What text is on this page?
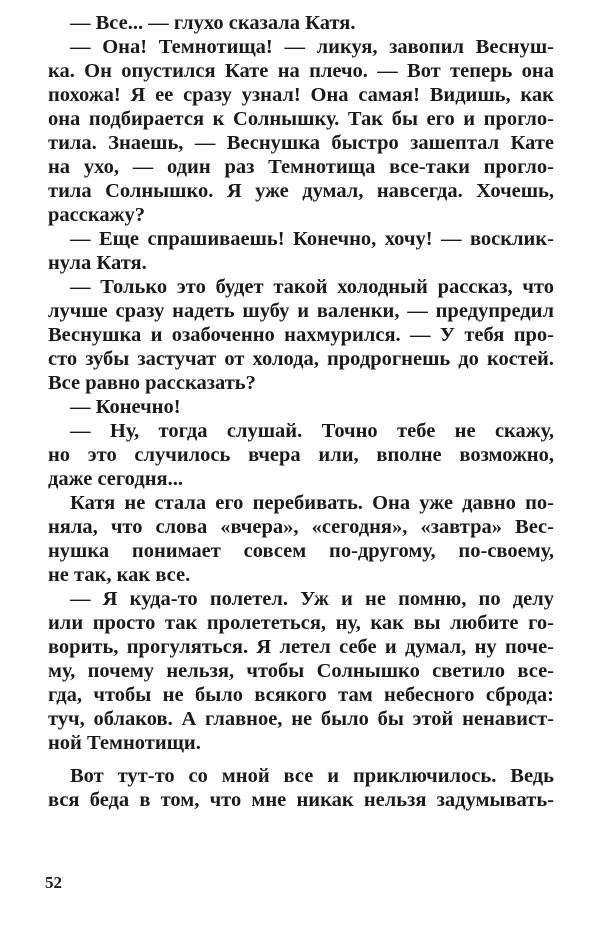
— Все... — глухо сказала Катя.
— Она! Темнотища! — ликуя, завопил Веснуш-
ка. Он опустился Кате на плечо. — Вот теперь она
похожа! Я ее сразу узнал! Она самая! Видишь, как
она подбирается к Солнышку. Так бы его и прогло-
тила. Знаешь, — Веснушка быстро зашептал Кате
на ухо, — один раз Темнотища все-таки прогло-
тила Солнышко. Я уже думал, навсегда. Хочешь,
расскажу?
— Еще спрашиваешь! Конечно, хочу! — восклик-
нула Катя.
— Только это будет такой холодный рассказ, что
лучше сразу надеть шубу и валенки, — предупредил
Веснушка и озабоченно нахмурился. — У тебя про-
сто зубы застучат от холода, продрогнешь до костей.
Все равно рассказать?
— Конечно!
— Ну, тогда слушай. Точно тебе не скажу,
но это случилось вчера или, вполне возможно,
даже сегодня...
Катя не стала его перебивать. Она уже давно по-
няла, что слова «вчера», «сегодня», «завтра» Вес-
нушка понимает совсем по-другому, по-своему,
не так, как все.
— Я куда-то полетел. Уж и не помню, по делу
или просто так пролететься, ну, как вы любите го-
ворить, прогуляться. Я летел себе и думал, ну поче-
му, почему нельзя, чтобы Солнышко светило все-
гда, чтобы не было всякого там небесного сброда:
туч, облаков. А главное, не было бы этой ненавист-
ной Темнотищи.
Вот тут-то со мной все и приключилось. Ведь
вся беда в том, что мне никак нельзя задумывать-
52
